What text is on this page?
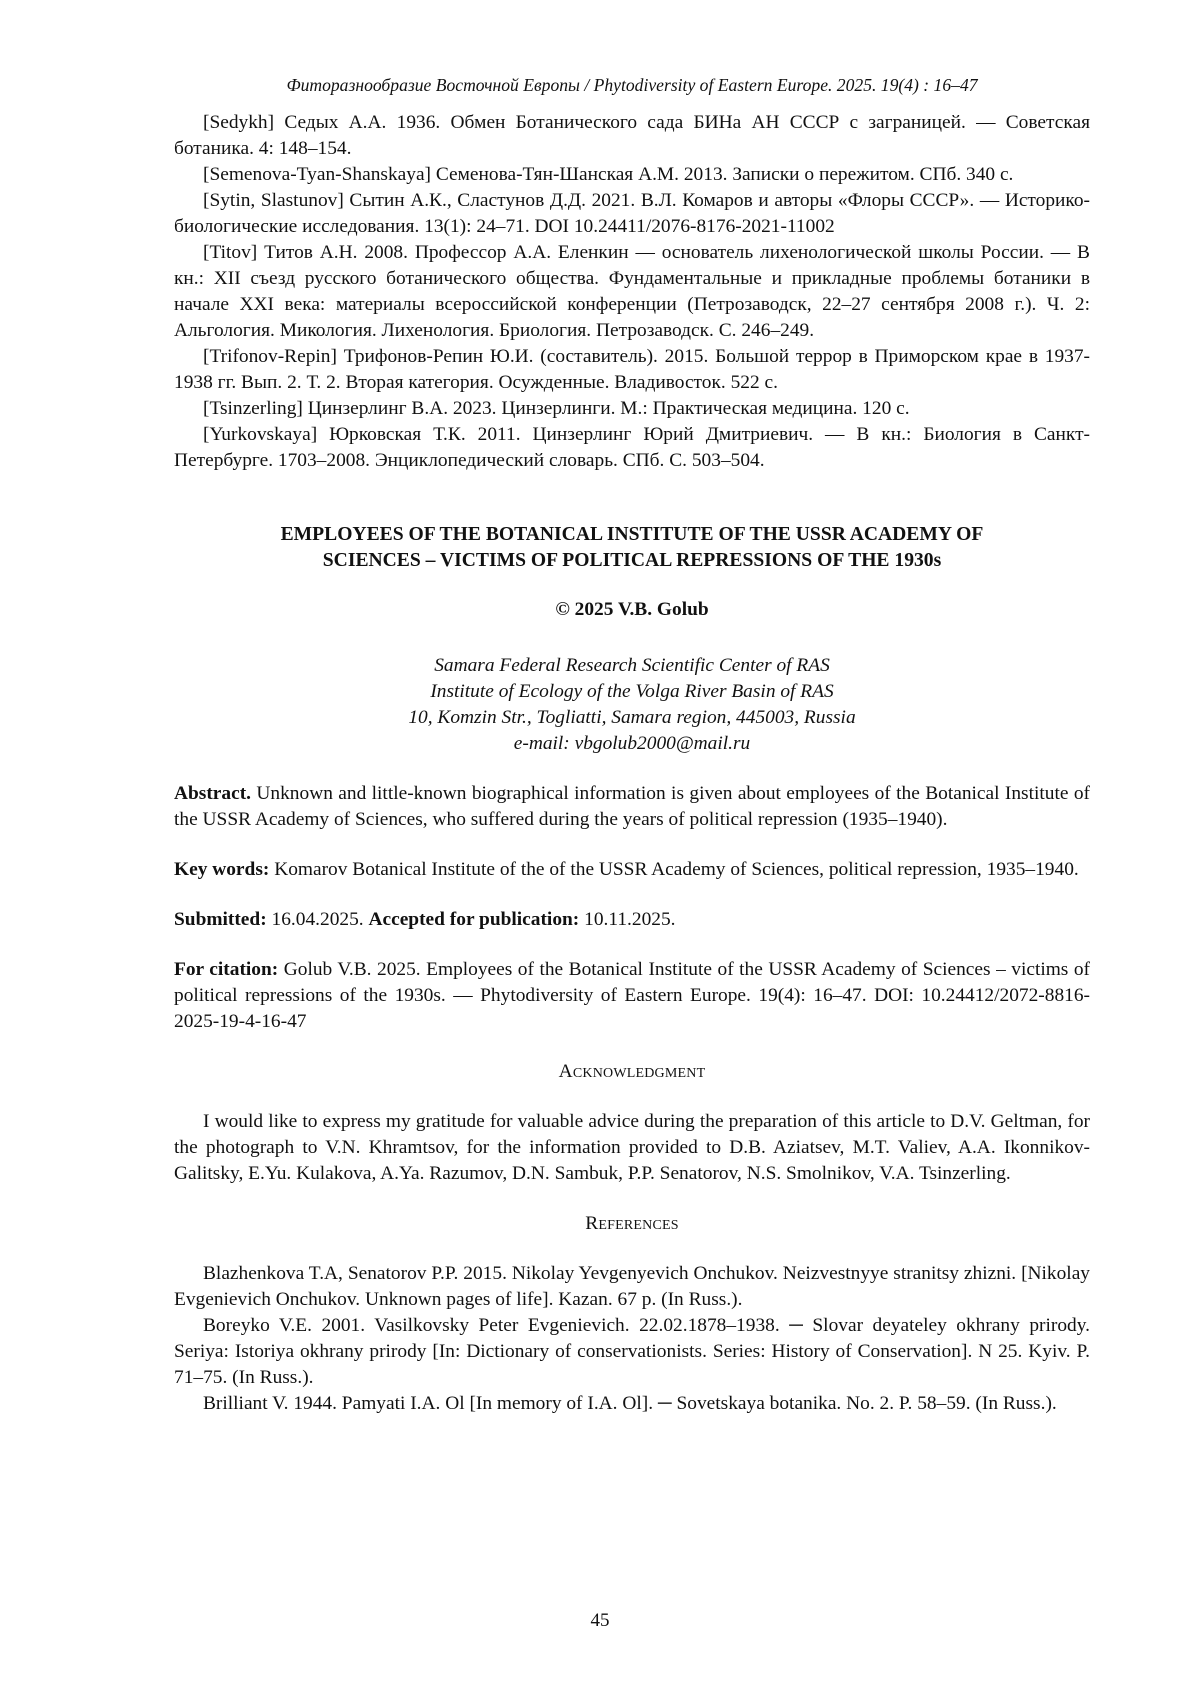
Фиторазнообразие Восточной Европы / Phytodiversity of Eastern Europe. 2025. 19(4) : 16–47

[Sedykh] Седых А.А. 1936. Обмен Ботанического сада БИНа АН СССР с заграницей. — Советская ботаника. 4: 148–154.

[Semenova-Tyan-Shanskaya] Семенова-Тян-Шанская А.М. 2013. Записки о пережитом. СПб. 340 с.

[Sytin, Slastunov] Сытин А.К., Сластунов Д.Д. 2021. В.Л. Комаров и авторы «Флоры СССР». — Историко-биологические исследования. 13(1): 24–71. DOI 10.24411/2076-8176-2021-11002

[Titov] Титов А.Н. 2008. Профессор А.А. Еленкин — основатель лихенологической школы России. — В кн.: XII съезд русского ботанического общества. Фундаментальные и прикладные проблемы ботаники в начале XXI века: материалы всероссийской конференции (Петрозаводск, 22–27 сентября 2008 г.). Ч. 2: Альгология. Микология. Лихенология. Бриология. Петрозаводск. С. 246–249.

[Trifonov-Repin] Трифонов-Репин Ю.И. (составитель). 2015. Большой террор в Приморском крае в 1937-1938 гг. Вып. 2. Т. 2. Вторая категория. Осужденные. Владивосток. 522 с.

[Tsinzerling] Цинзерлинг В.А. 2023. Цинзерлинги. М.: Практическая медицина. 120 с.

[Yurkovskaya] Юрковская Т.К. 2011. Цинзерлинг Юрий Дмитриевич. — В кн.: Биология в Санкт-Петербурге. 1703–2008. Энциклопедический словарь. СПб. С. 503–504.

EMPLOYEES OF THE BOTANICAL INSTITUTE OF THE USSR ACADEMY OF
SCIENCES – VICTIMS OF POLITICAL REPRESSIONS OF THE 1930s
© 2025 V.B. Golub
Samara Federal Research Scientific Center of RAS
Institute of Ecology of the Volga River Basin of RAS
10, Komzin Str., Togliatti, Samara region, 445003, Russia
e-mail: vbgolub2000@mail.ru

Abstract. Unknown and little-known biographical information is given about employees of the Botanical Institute of the USSR Academy of Sciences, who suffered during the years of political repression (1935–1940).

Key words: Komarov Botanical Institute of the of the USSR Academy of Sciences, political repression, 1935–1940.

Submitted: 16.04.2025. Accepted for publication: 10.11.2025.

For citation: Golub V.B. 2025. Employees of the Botanical Institute of the USSR Academy of Sciences – victims of political repressions of the 1930s. — Phytodiversity of Eastern Europe. 19(4): 16–47. DOI: 10.24412/2072-8816-2025-19-4-16-47

Acknowledgment

I would like to express my gratitude for valuable advice during the preparation of this article to D.V. Geltman, for the photograph to V.N. Khramtsov, for the information provided to D.B. Aziatsev, M.T. Valiev, A.A. Ikonnikov-Galitsky, E.Yu. Kulakova, A.Ya. Razumov, D.N. Sambuk, P.P. Senatorov, N.S. Smolnikov, V.A. Tsinzerling.

References

Blazhenkova T.A, Senatorov P.P. 2015. Nikolay Yevgenyevich Onchukov. Neizvestnyye stranitsy zhizni. [Nikolay Evgenievich Onchukov. Unknown pages of life]. Kazan. 67 p. (In Russ.).

Boreyko V.E. 2001. Vasilkovsky Peter Evgenievich. 22.02.1878–1938. ─ Slovar deyateley okhrany prirody. Seriya: Istoriya okhrany prirody [In: Dictionary of conservationists. Series: History of Conservation]. N 25. Kyiv. P. 71–75. (In Russ.).

Brilliant V. 1944. Pamyati I.A. Ol [In memory of I.A. Ol]. ─ Sovetskaya botanika. No. 2. P. 58–59. (In Russ.).

45
